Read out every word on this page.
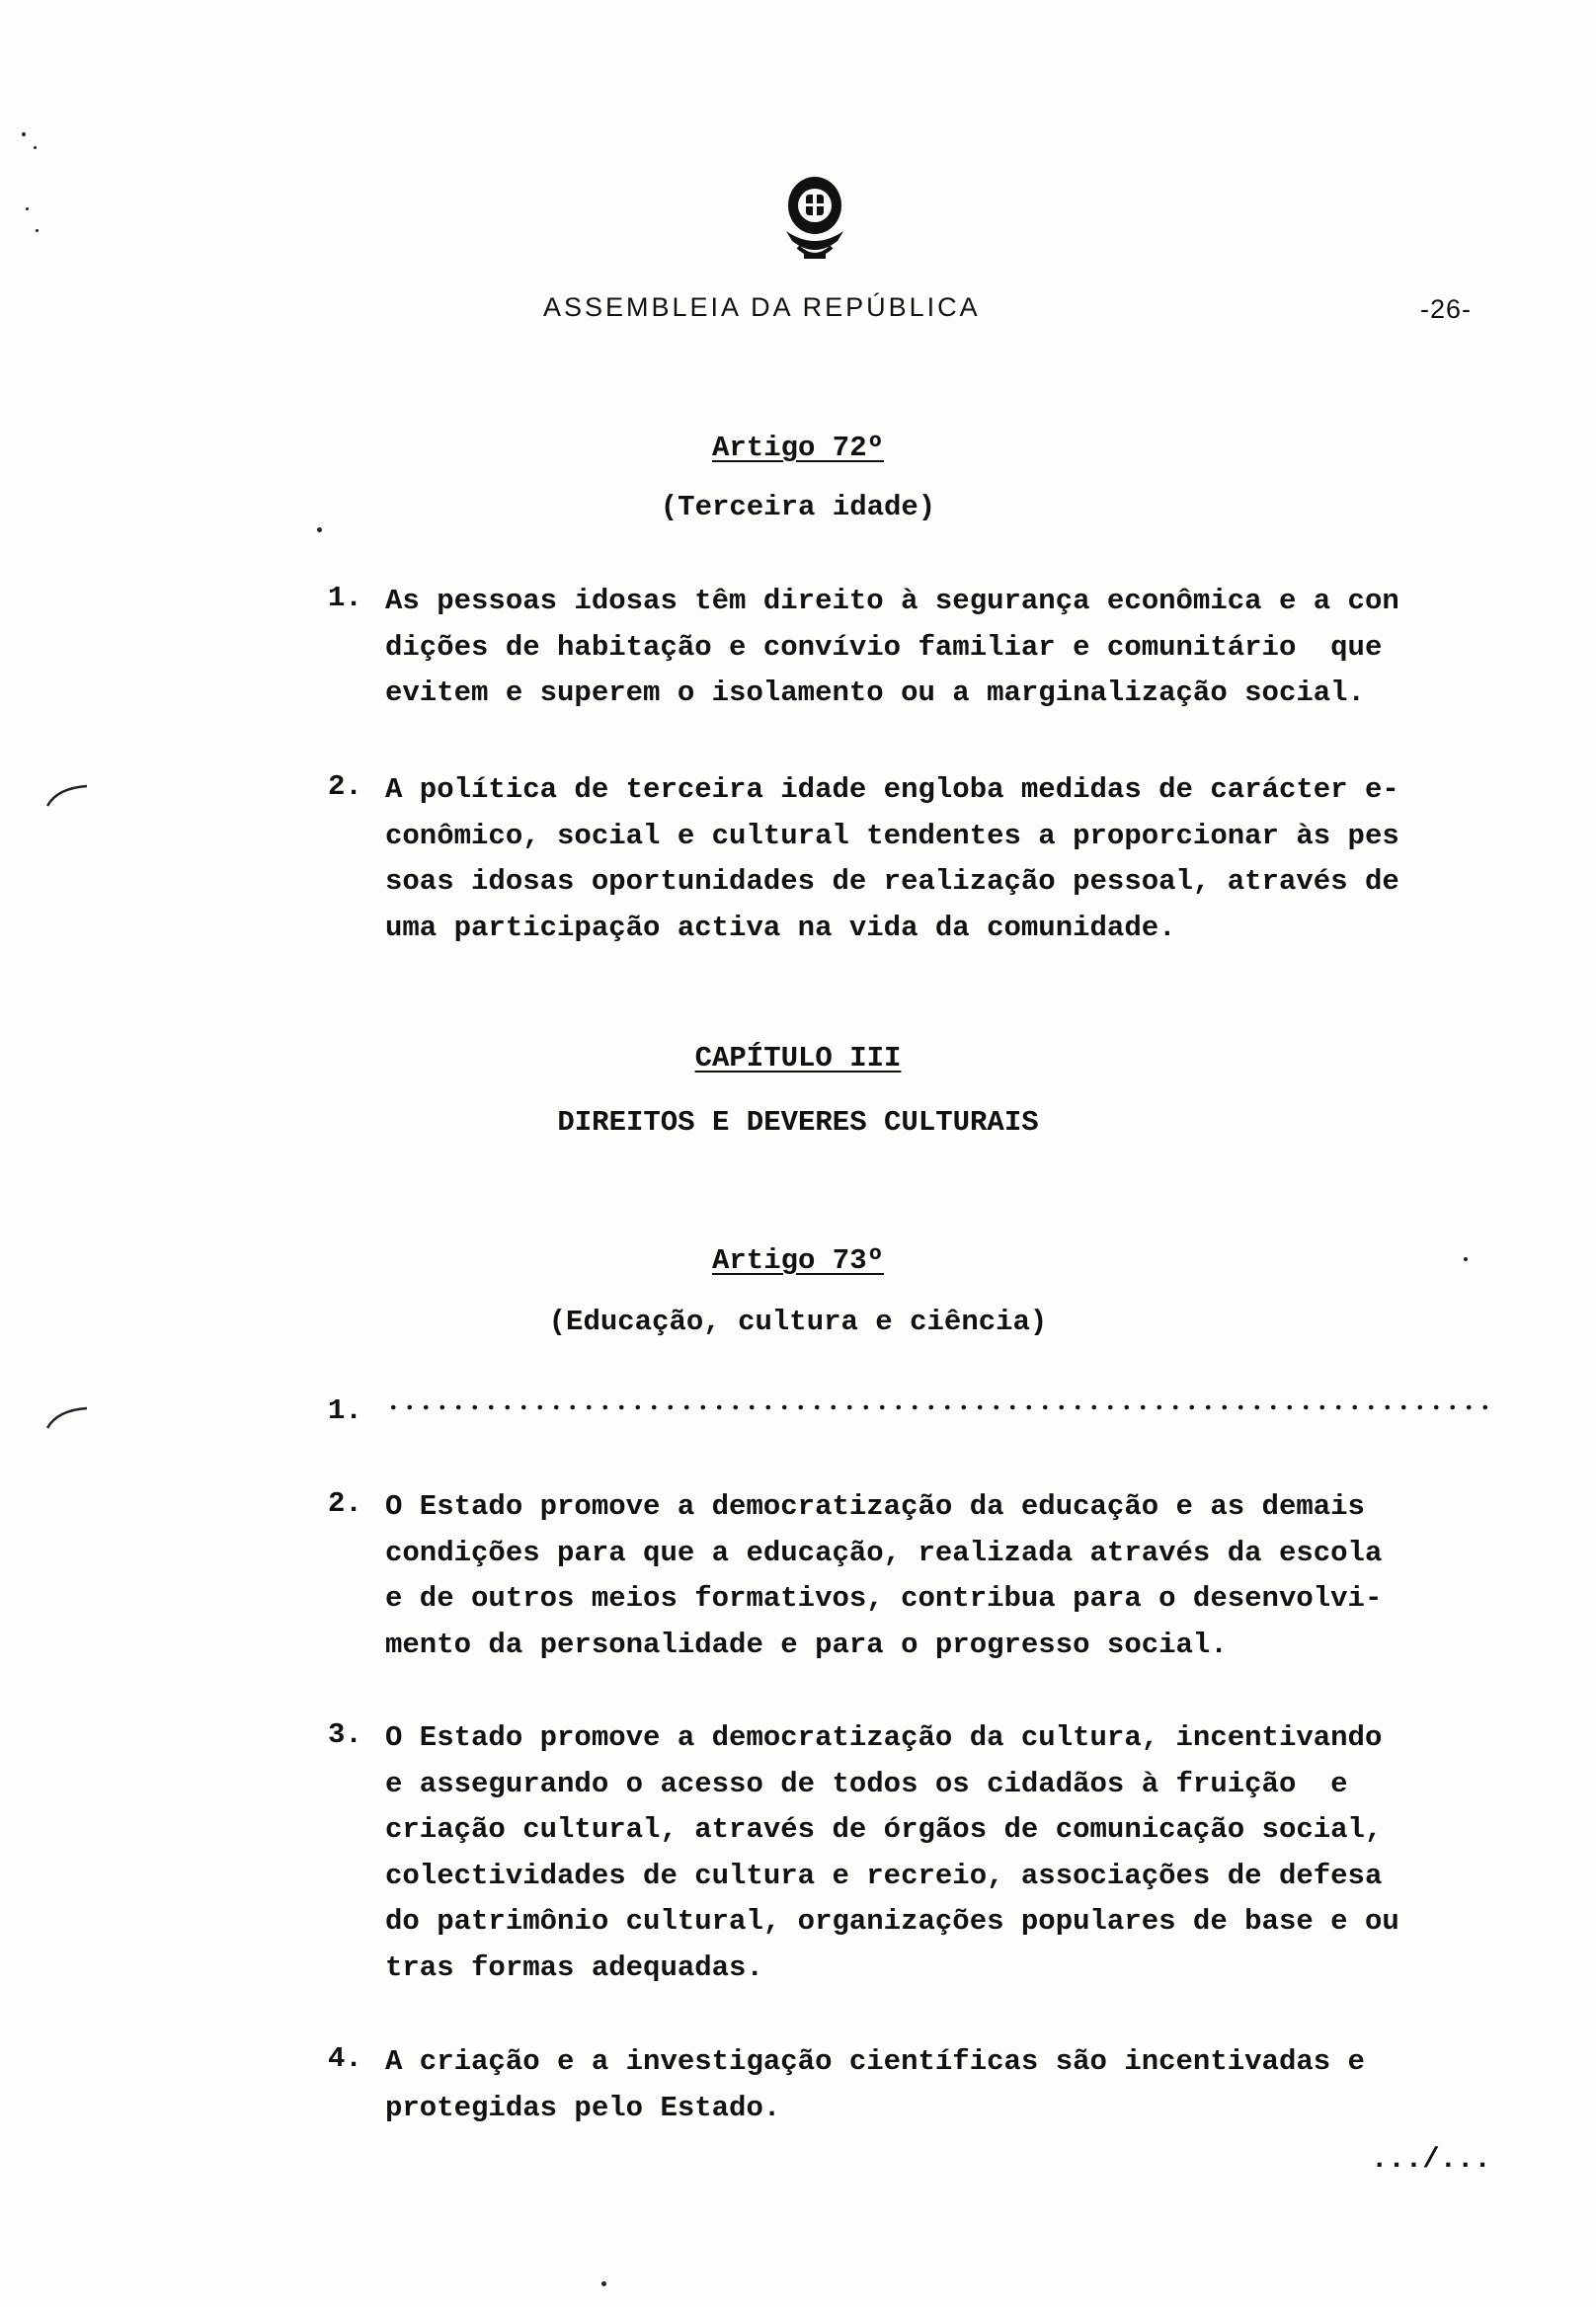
ASSEMBLEIA DA REPÚBLICA	-26-
Artigo 72º
(Terceira idade)
1. As pessoas idosas têm direito à segurança econômica e a con
dições de habitação e convívio familiar e comunitário  que
evitem e superem o isolamento ou a marginalização social.
2. A política de terceira idade engloba medidas de carácter e-
conômico, social e cultural tendentes a proporcionar às pes
soas idosas oportunidades de realização pessoal, através de
uma participação activa na vida da comunidade.
CAPÍTULO III
DIREITOS E DEVERES CULTURAIS
Artigo 73º
(Educação, cultura e ciência)
1.
2. O Estado promove a democratização da educação e as demais
condições para que a educação, realizada através da escola
e de outros meios formativos, contribua para o desenvolvi-
mento da personalidade e para o progresso social.
3. O Estado promove a democratização da cultura, incentivando
e assegurando o acesso de todos os cidadãos à fruição  e
criação cultural, através de órgãos de comunicação social,
colectividades de cultura e recreio, associações de defesa
do patrimônio cultural, organizações populares de base e ou
tras formas adequadas.
4. A criação e a investigação científicas são incentivadas e
protegidas pelo Estado.
.../...
